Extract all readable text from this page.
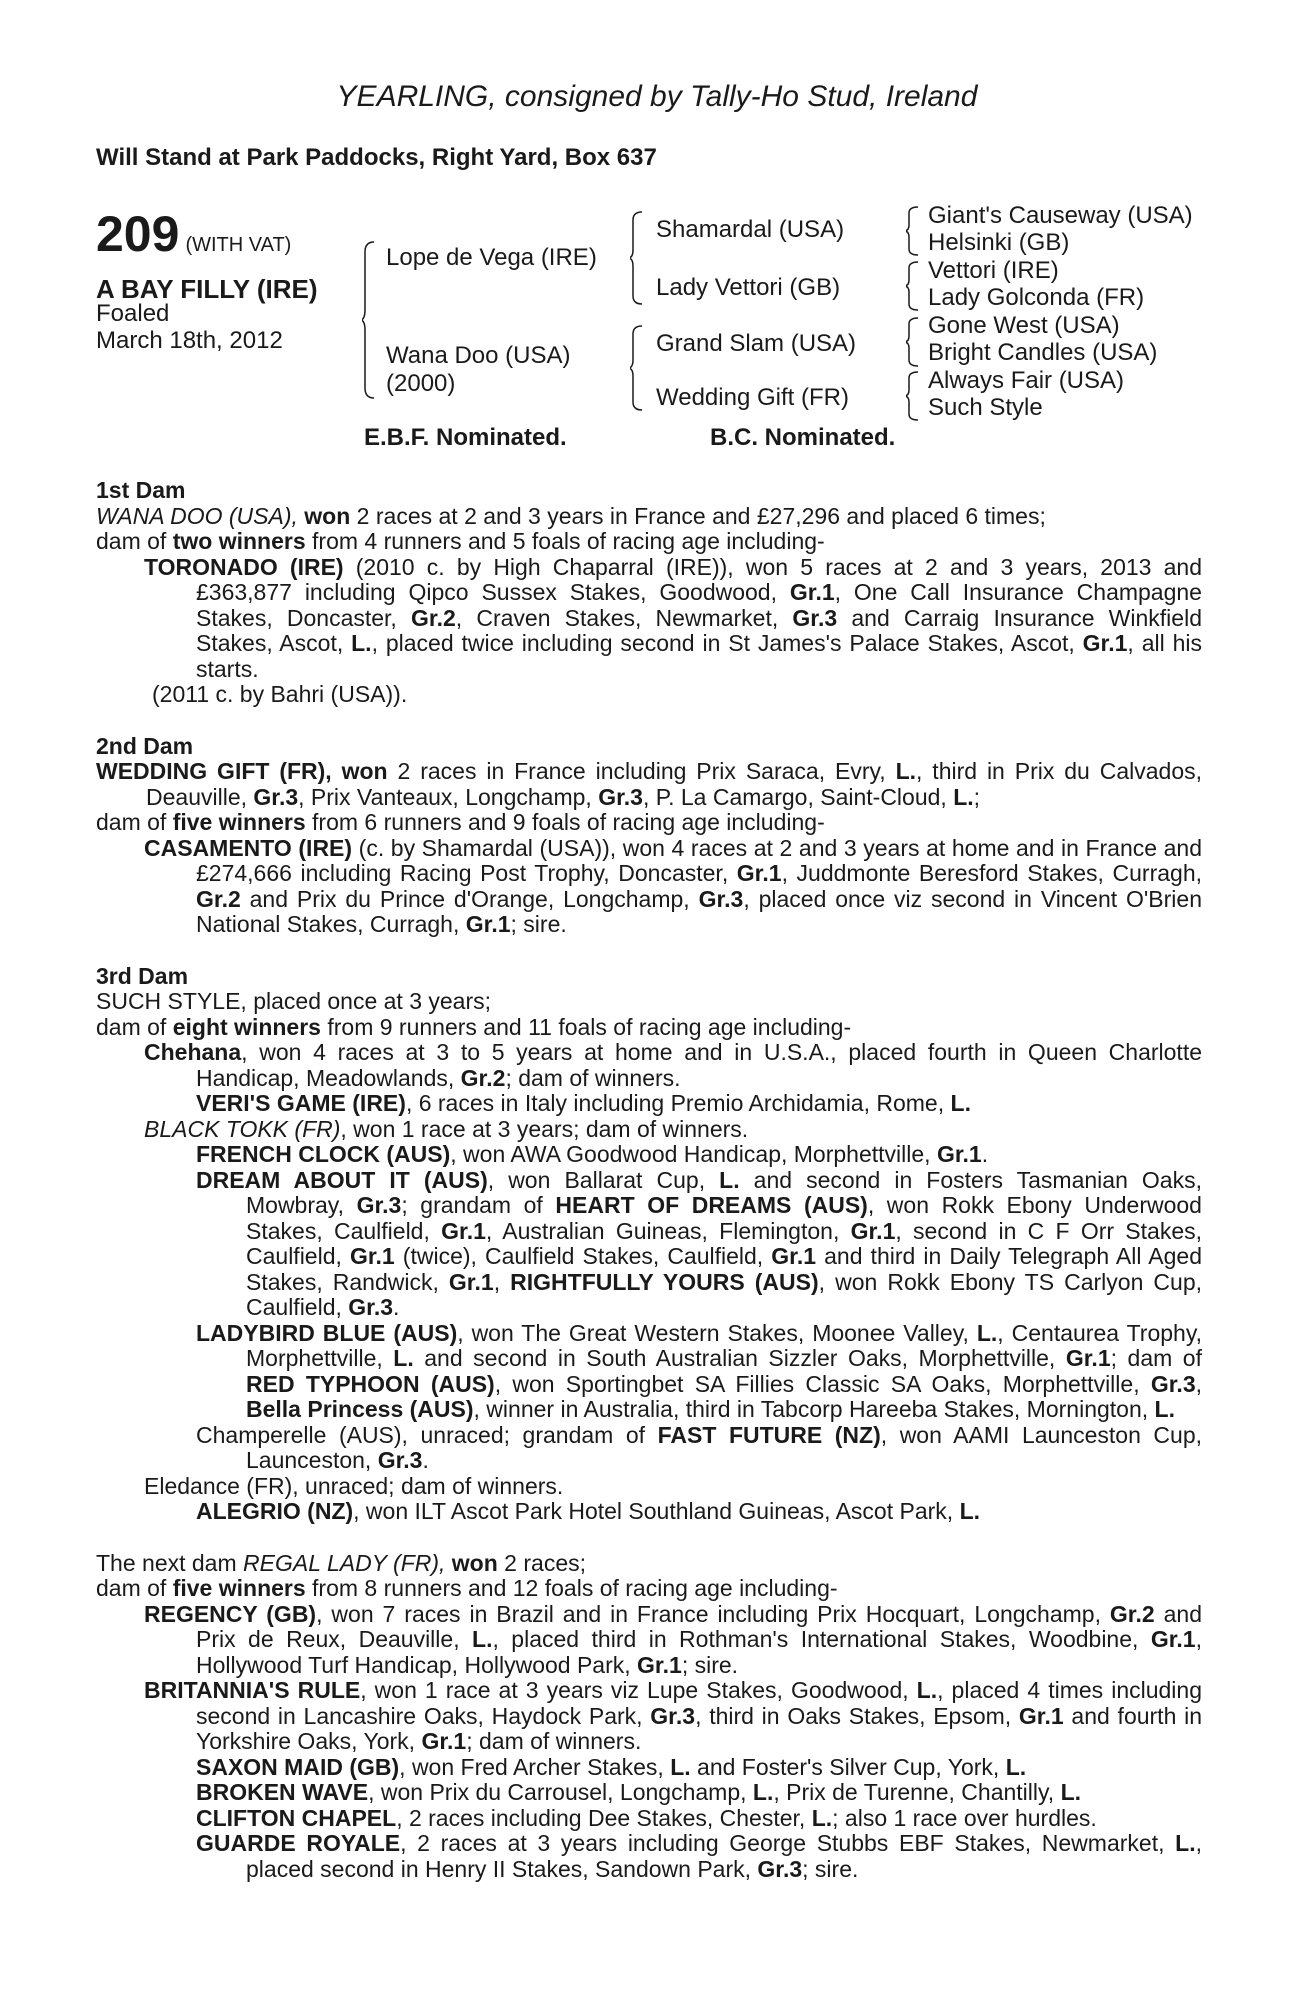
YEARLING, consigned by Tally-Ho Stud, Ireland
Will Stand at Park Paddocks, Right Yard, Box 637
209 (WITH VAT)
A BAY FILLY (IRE)
Foaled
March 18th, 2012
Lope de Vega (IRE)
Wana Doo (USA)
(2000)
Shamardal (USA)
Lady Vettori (GB)
Grand Slam (USA)
Wedding Gift (FR)
Giant's Causeway (USA)
Helsinki (GB)
Vettori (IRE)
Lady Golconda (FR)
Gone West (USA)
Bright Candles (USA)
Always Fair (USA)
Such Style
E.B.F. Nominated.	B.C. Nominated.

1st Dam

WANA DOO (USA), won 2 races at 2 and 3 years in France and £27,296 and placed 6 times;

dam of two winners from 4 runners and 5 foals of racing age including-

TORONADO (IRE) (2010 c. by High Chaparral (IRE)), won 5 races at 2 and 3 years, 2013 and £363,877 including Qipco Sussex Stakes, Goodwood, Gr.1, One Call Insurance Champagne Stakes, Doncaster, Gr.2, Craven Stakes, Newmarket, Gr.3 and Carraig Insurance Winkfield Stakes, Ascot, L., placed twice including second in St James's Palace Stakes, Ascot, Gr.1, all his starts.

(2011 c. by Bahri (USA)).

2nd Dam

WEDDING GIFT (FR), won 2 races in France including Prix Saraca, Evry, L., third in Prix du Calvados, Deauville, Gr.3, Prix Vanteaux, Longchamp, Gr.3, P. La Camargo, Saint-Cloud, L.;

dam of five winners from 6 runners and 9 foals of racing age including-

CASAMENTO (IRE) (c. by Shamardal (USA)), won 4 races at 2 and 3 years at home and in France and £274,666 including Racing Post Trophy, Doncaster, Gr.1, Juddmonte Beresford Stakes, Curragh, Gr.2 and Prix du Prince d'Orange, Longchamp, Gr.3, placed once viz second in Vincent O'Brien National Stakes, Curragh, Gr.1; sire.

3rd Dam

SUCH STYLE, placed once at 3 years;

dam of eight winners from 9 runners and 11 foals of racing age including-

Chehana, won 4 races at 3 to 5 years at home and in U.S.A., placed fourth in Queen Charlotte Handicap, Meadowlands, Gr.2; dam of winners.

VERI'S GAME (IRE), 6 races in Italy including Premio Archidamia, Rome, L.

BLACK TOKK (FR), won 1 race at 3 years; dam of winners.

FRENCH CLOCK (AUS), won AWA Goodwood Handicap, Morphettville, Gr.1.

DREAM ABOUT IT (AUS), won Ballarat Cup, L. and second in Fosters Tasmanian Oaks, Mowbray, Gr.3; grandam of HEART OF DREAMS (AUS), won Rokk Ebony Underwood Stakes, Caulfield, Gr.1, Australian Guineas, Flemington, Gr.1, second in C F Orr Stakes, Caulfield, Gr.1 (twice), Caulfield Stakes, Caulfield, Gr.1 and third in Daily Telegraph All Aged Stakes, Randwick, Gr.1, RIGHTFULLY YOURS (AUS), won Rokk Ebony TS Carlyon Cup, Caulfield, Gr.3.

LADYBIRD BLUE (AUS), won The Great Western Stakes, Moonee Valley, L., Centaurea Trophy, Morphettville, L. and second in South Australian Sizzler Oaks, Morphettville, Gr.1; dam of RED TYPHOON (AUS), won Sportingbet SA Fillies Classic SA Oaks, Morphettville, Gr.3, Bella Princess (AUS), winner in Australia, third in Tabcorp Hareeba Stakes, Mornington, L.

Champerelle (AUS), unraced; grandam of FAST FUTURE (NZ), won AAMI Launceston Cup, Launceston, Gr.3.

Eledance (FR), unraced; dam of winners.

ALEGRIO (NZ), won ILT Ascot Park Hotel Southland Guineas, Ascot Park, L.

The next dam REGAL LADY (FR), won 2 races;

dam of five winners from 8 runners and 12 foals of racing age including-

REGENCY (GB), won 7 races in Brazil and in France including Prix Hocquart, Longchamp, Gr.2 and Prix de Reux, Deauville, L., placed third in Rothman's International Stakes, Woodbine, Gr.1, Hollywood Turf Handicap, Hollywood Park, Gr.1; sire.

BRITANNIA'S RULE, won 1 race at 3 years viz Lupe Stakes, Goodwood, L., placed 4 times including second in Lancashire Oaks, Haydock Park, Gr.3, third in Oaks Stakes, Epsom, Gr.1 and fourth in Yorkshire Oaks, York, Gr.1; dam of winners.

SAXON MAID (GB), won Fred Archer Stakes, L. and Foster's Silver Cup, York, L.

BROKEN WAVE, won Prix du Carrousel, Longchamp, L., Prix de Turenne, Chantilly, L.

CLIFTON CHAPEL, 2 races including Dee Stakes, Chester, L.; also 1 race over hurdles.

GUARDE ROYALE, 2 races at 3 years including George Stubbs EBF Stakes, Newmarket, L., placed second in Henry II Stakes, Sandown Park, Gr.3; sire.
